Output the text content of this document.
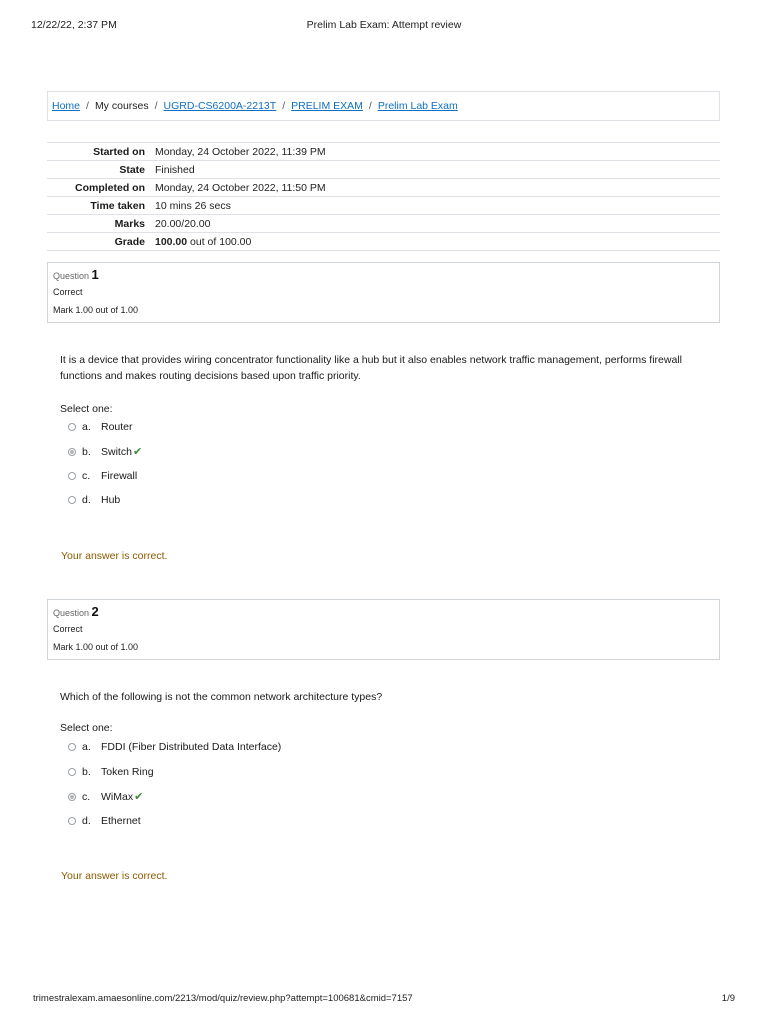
12/22/22, 2:37 PM	Prelim Lab Exam: Attempt review
Home / My courses / UGRD-CS6200A-2213T / PRELIM EXAM / Prelim Lab Exam
Started on	Monday, 24 October 2022, 11:39 PM
State	Finished
Completed on	Monday, 24 October 2022, 11:50 PM
Time taken	10 mins 26 secs
Marks	20.00/20.00
Grade	100.00 out of 100.00
Question 1
Correct
Mark 1.00 out of 1.00
It is a device that provides wiring concentrator functionality like a hub but it also enables network traffic management, performs firewall functions and makes routing decisions based upon traffic priority.
Select one:
a. Router
b. Switch ✔
c.	Firewall
d. Hub
Your answer is correct.
Question 2
Correct
Mark 1.00 out of 1.00
Which of the following is not the common network architecture types?
Select one:
a. FDDI (Fiber Distributed Data Interface)
b. Token Ring
c.	WiMax ✔
d. Ethernet
Your answer is correct.
trimestralexam.amaesonline.com/2213/mod/quiz/review.php?attempt=100681&cmid=7157	1/9
